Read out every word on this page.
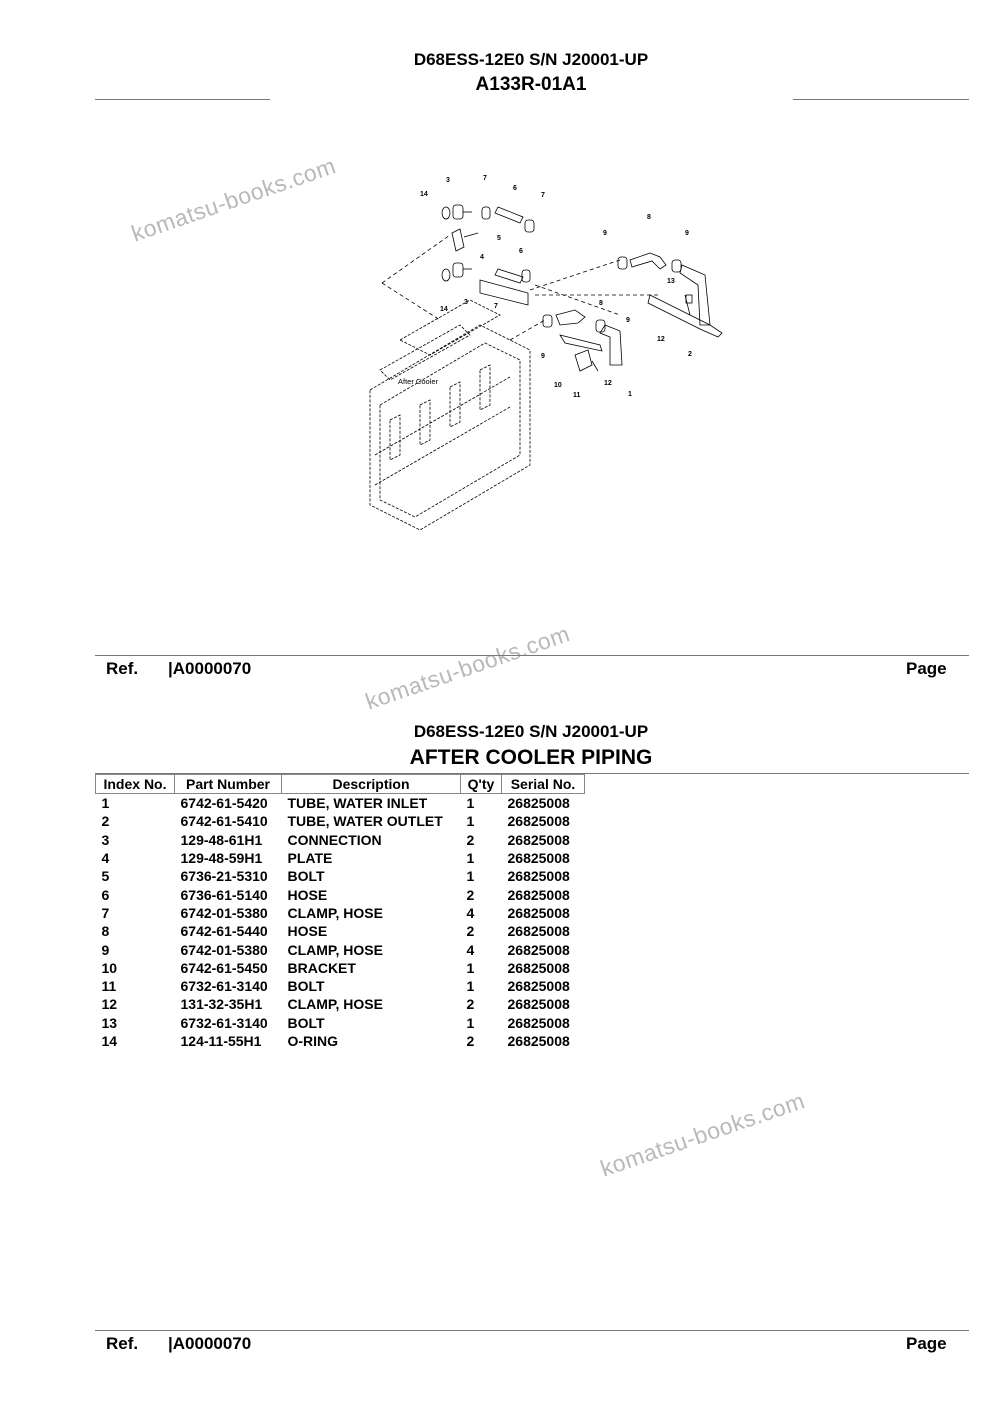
D68ESS-12E0 S/N J20001-UP
A133R-01A1
komatsu-books.com
komatsu-books.com
komatsu-books.com
14
3	7
6
7
5
4
6
7
14
3
8
9	9
13
8
9
12
2
9
12
10
11	1
After Cooler
Ref. |A0000070	Page
D68ESS-12E0 S/N J20001-UP
AFTER COOLER PIPING
Index No.	Part Number	Description	Q'ty	Serial No.
1	6742-61-5420	TUBE, WATER INLET	1	26825008
2	6742-61-5410	TUBE, WATER OUTLET	1	26825008
3	129-48-61H1	CONNECTION	2	26825008
4	129-48-59H1	PLATE	1	26825008
5	6736-21-5310	BOLT	1	26825008
6	6736-61-5140	HOSE	2	26825008
7	6742-01-5380	CLAMP, HOSE	4	26825008
8	6742-61-5440	HOSE	2	26825008
9	6742-01-5380	CLAMP, HOSE	4	26825008
10	6742-61-5450	BRACKET	1	26825008
11	6732-61-3140	BOLT	1	26825008
12	131-32-35H1	CLAMP, HOSE	2	26825008
13	6732-61-3140	BOLT	1	26825008
14	124-11-55H1	O-RING	2	26825008
Ref. |A0000070	Page
